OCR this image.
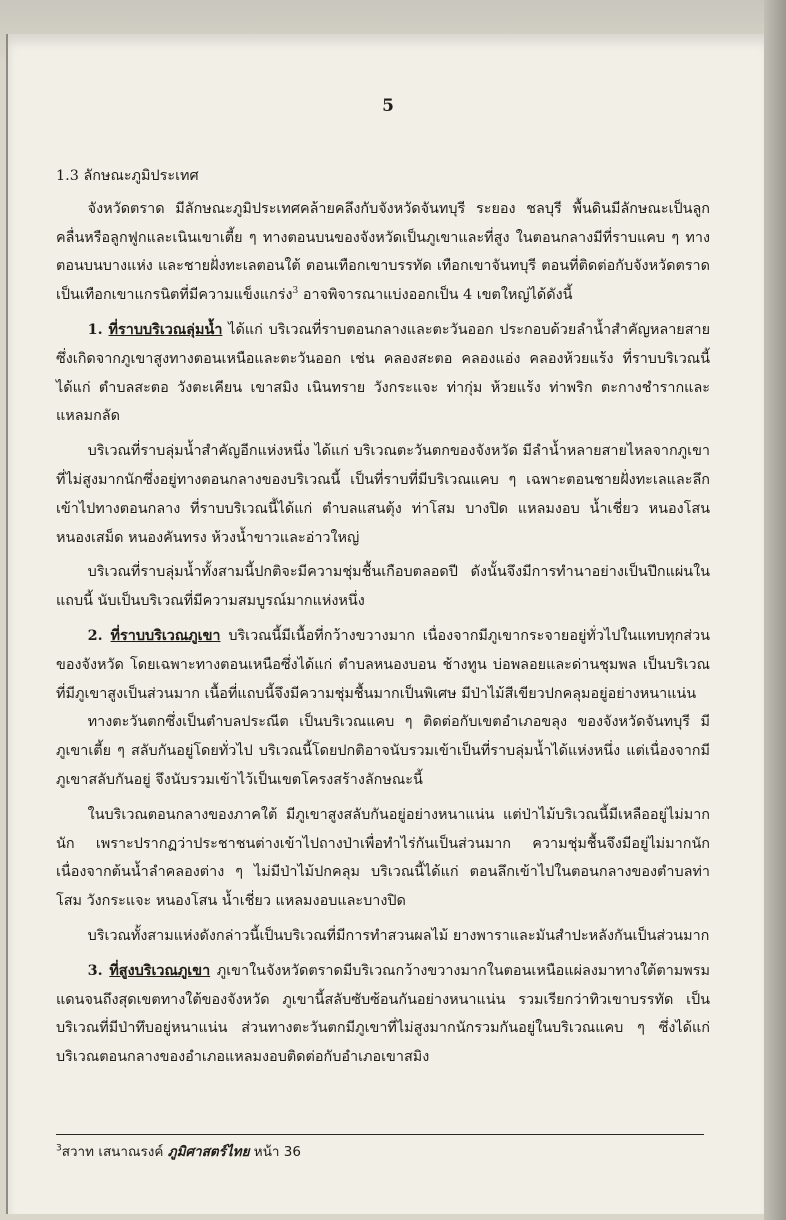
5

1.3 ลักษณะภูมิประเทศ

จังหวัดตราด มีลักษณะภูมิประเทศคล้ายคลึงกับจังหวัดจันทบุรี ระยอง ชลบุรี พื้นดินมีลักษณะเป็นลูกคลื่นหรือลูกฟูกและเนินเขาเตี้ย ๆ ทางตอนบนของจังหวัดเป็นภูเขาและที่สูง ในตอนกลางมีที่ราบแคบ ๆ ทางตอนบนบางแห่ง และชายฝั่งทะเลตอนใต้ ตอนเทือกเขาบรรทัด เทือกเขาจันทบุรี ตอนที่ติดต่อกับจังหวัดตราดเป็นเทือกเขาแกรนิตที่มีความแข็งแกร่ง$^3$ อาจพิจารณาแบ่งออกเป็น 4 เขตใหญ่ได้ดังนี้

1. ที่ราบบริเวณลุ่มน้ำ ได้แก่ บริเวณที่ราบตอนกลางและตะวันออก ประกอบด้วยลำน้ำสำคัญหลายสาย ซึ่งเกิดจากภูเขาสูงทางตอนเหนือและตะวันออก เช่น คลองสะตอ คลองแอ่ง คลองห้วยแร้ง ที่ราบบริเวณนี้ได้แก่ ตำบลสะตอ วังตะเคียน เขาสมิง เนินทราย วังกระแจะ ท่ากุ่ม ห้วยแร้ง ท่าพริก ตะกางชำรากและแหลมกลัด

บริเวณที่ราบลุ่มน้ำสำคัญอีกแห่งหนึ่ง ได้แก่ บริเวณตะวันตกของจังหวัด มีลำน้ำหลายสายไหลจากภูเขาที่ไม่สูงมากนักซึ่งอยู่ทางตอนกลางของบริเวณนี้ เป็นที่ราบที่มีบริเวณแคบ ๆ เฉพาะตอนชายฝั่งทะเลและลึกเข้าไปทางตอนกลาง ที่ราบบริเวณนี้ได้แก่ ตำบลแสนตุ้ง ท่าโสม บางปิด แหลมงอบ น้ำเชี่ยว หนองโสน หนองเสม็ด หนองคันทรง ห้วงน้ำขาวและอ่าวใหญ่

บริเวณที่ราบลุ่มน้ำทั้งสามนี้ปกติจะมีความชุ่มชื้นเกือบตลอดปี ดังนั้นจึงมีการทำนาอย่างเป็นปึกแผ่นในแถบนี้ นับเป็นบริเวณที่มีความสมบูรณ์มากแห่งหนึ่ง

2. ที่ราบบริเวณภูเขา บริเวณนี้มีเนื้อที่กว้างขวางมาก เนื่องจากมีภูเขากระจายอยู่ทั่วไปในแทบทุกส่วนของจังหวัด โดยเฉพาะทางตอนเหนือซึ่งได้แก่ ตำบลหนองบอน ช้างทูน บ่อพลอยและด่านชุมพล เป็นบริเวณที่มีภูเขาสูงเป็นส่วนมาก เนื้อที่แถบนี้จึงมีความชุ่มชื้นมากเป็นพิเศษ มีป่าไม้สีเขียวปกคลุมอยู่อย่างหนาแน่น

ทางตะวันตกซึ่งเป็นตำบลประณีต เป็นบริเวณแคบ ๆ ติดต่อกับเขตอำเภอขลุง ของจังหวัดจันทบุรี มีภูเขาเตี้ย ๆ สลับกันอยู่โดยทั่วไป บริเวณนี้โดยปกติอาจนับรวมเข้าเป็นที่ราบลุ่มน้ำได้แห่งหนึ่ง แต่เนื่องจากมีภูเขาสลับกันอยู่ จึงนับรวมเข้าไว้เป็นเขตโครงสร้างลักษณะนี้

ในบริเวณตอนกลางของภาคใต้ มีภูเขาสูงสลับกันอยู่อย่างหนาแน่น แต่ป่าไม้บริเวณนี้มีเหลืออยู่ไม่มากนัก เพราะปรากฏว่าประชาชนต่างเข้าไปถางป่าเพื่อทำไร่กันเป็นส่วนมาก ความชุ่มชื้นจึงมีอยู่ไม่มากนักเนื่องจากต้นน้ำลำคลองต่าง ๆ ไม่มีป่าไม้ปกคลุม บริเวณนี้ได้แก่ ตอนลึกเข้าไปในตอนกลางของตำบลท่าโสม วังกระแจะ หนองโสน น้ำเชี่ยว แหลมงอบและบางปิด

บริเวณทั้งสามแห่งดังกล่าวนี้เป็นบริเวณที่มีการทำสวนผลไม้ ยางพาราและมันสำปะหลังกันเป็นส่วนมาก

3. ที่สูงบริเวณภูเขา ภูเขาในจังหวัดตราดมีบริเวณกว้างขวางมากในตอนเหนือแผ่ลงมาทางใต้ตามพรมแดนจนถึงสุดเขตทางใต้ของจังหวัด ภูเขานี้สลับซับซ้อนกันอย่างหนาแน่น รวมเรียกว่าทิวเขาบรรทัด เป็นบริเวณที่มีป่าทึบอยู่หนาแน่น ส่วนทางตะวันตกมีภูเขาที่ไม่สูงมากนักรวมกันอยู่ในบริเวณแคบ ๆ ซึ่งได้แก่ บริเวณตอนกลางของอำเภอแหลมงอบติดต่อกับอำเภอเขาสมิง

$^3$สวาท เสนาณรงค์ ภูมิศาสตร์ไทย หน้า 36
